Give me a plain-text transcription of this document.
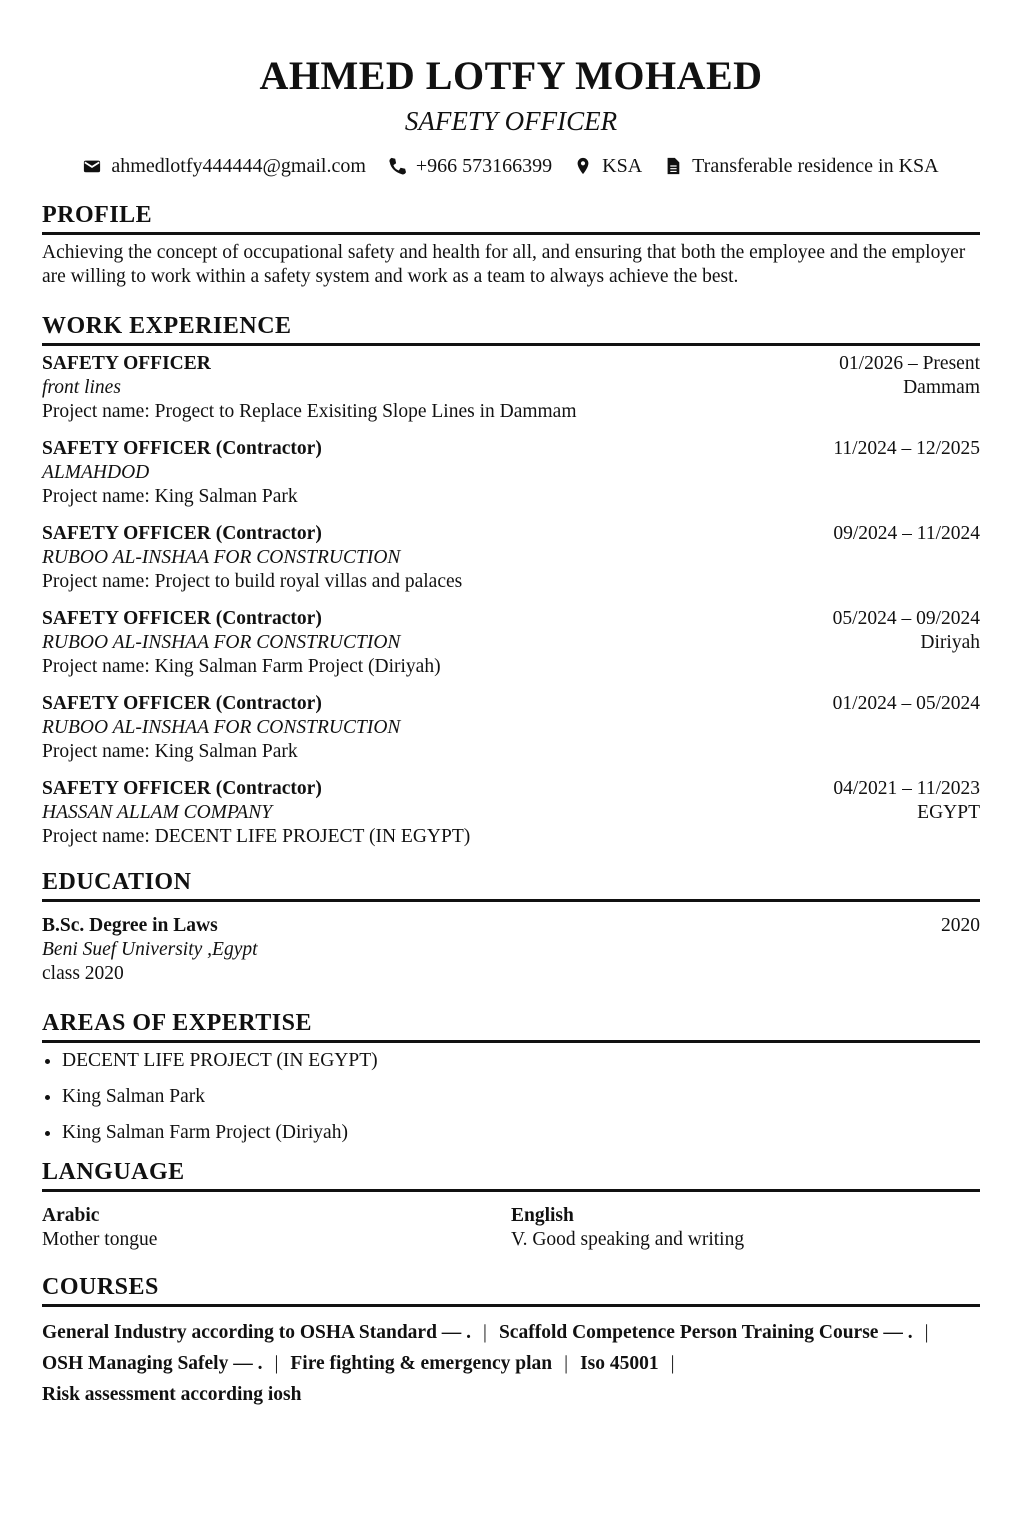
AHMED LOTFY MOHAED
SAFETY OFFICER
ahmedlotfy444444@gmail.com	+966 573166399	KSA	Transferable residence in KSA
PROFILE
Achieving the concept of occupational safety and health for all, and ensuring that both the employee and the employer are willing to work within a safety system and work as a team to always achieve the best.
WORK EXPERIENCE
SAFETY OFFICER	01/2026 – Present
front lines	Dammam
Project name: Progect to Replace Exisiting Slope Lines in Dammam
SAFETY OFFICER (Contractor)	11/2024 – 12/2025
ALMAHDOD
Project name: King Salman Park
SAFETY OFFICER (Contractor)	09/2024 – 11/2024
RUBOO AL-INSHAA FOR CONSTRUCTION
Project name: Project to build royal villas and palaces
SAFETY OFFICER (Contractor)	05/2024 – 09/2024
RUBOO AL-INSHAA FOR CONSTRUCTION	Diriyah
Project name: King Salman Farm Project (Diriyah)
SAFETY OFFICER (Contractor)	01/2024 – 05/2024
RUBOO AL-INSHAA FOR CONSTRUCTION
Project name: King Salman Park
SAFETY OFFICER (Contractor)	04/2021 – 11/2023
HASSAN ALLAM COMPANY	EGYPT
Project name: DECENT LIFE PROJECT (IN EGYPT)
EDUCATION
B.Sc. Degree in Laws	2020
Beni Suef University ,Egypt
class 2020
AREAS OF EXPERTISE
• DECENT LIFE PROJECT (IN EGYPT)
• King Salman Park
• King Salman Farm Project (Diriyah)
LANGUAGE
Arabic
Mother tongue
English
V. Good speaking and writing
COURSES
General Industry according to OSHA Standard — . | Scaffold Competence Person Training Course — . |
OSH Managing Safely — . | Fire fighting & emergency plan | Iso 45001 |
Risk assessment according iosh
